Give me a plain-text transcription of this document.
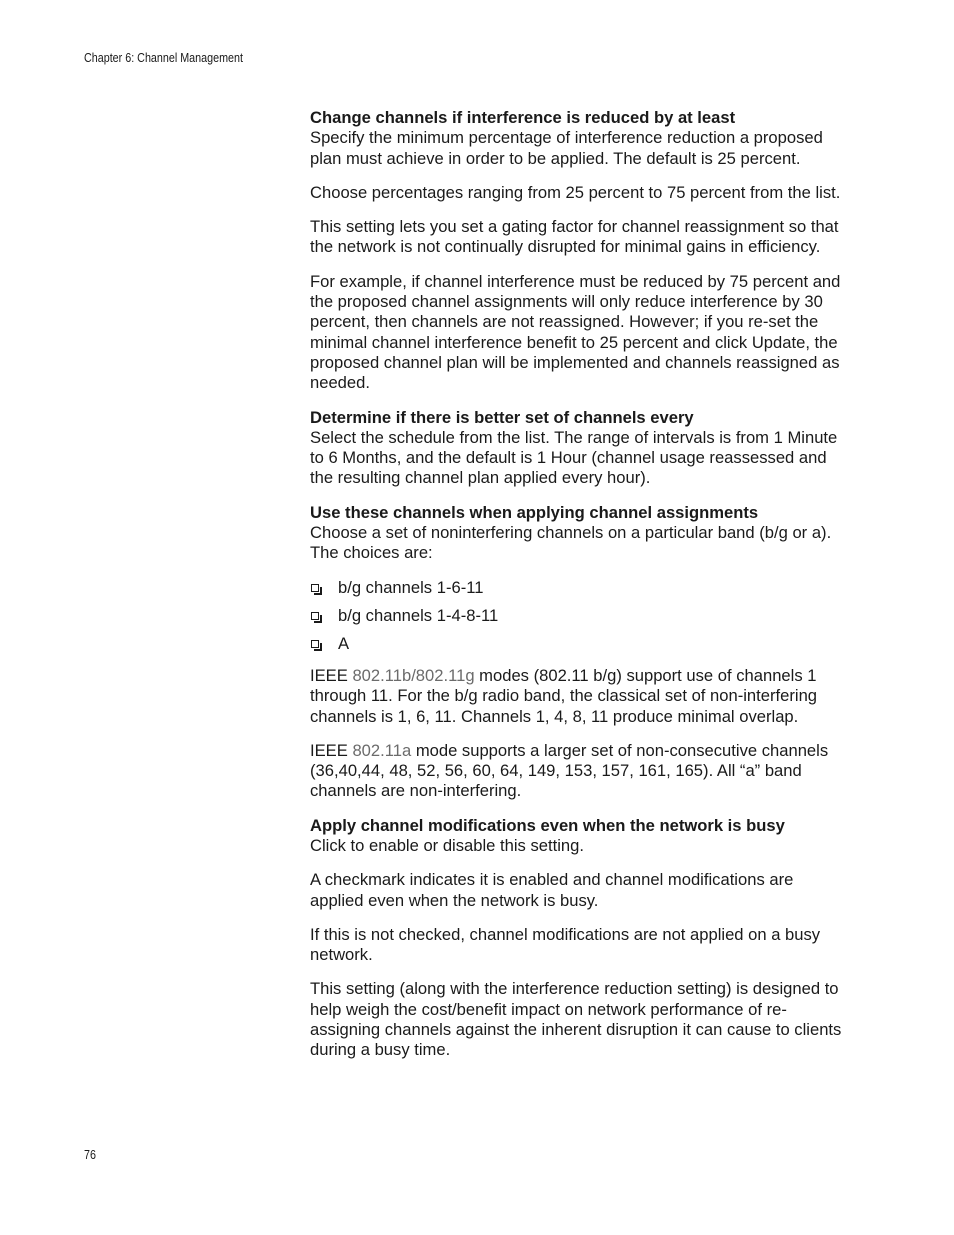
Chapter 6: Channel Management
Change channels if interference is reduced by at least
Specify the minimum percentage of interference reduction a proposed plan must achieve in order to be applied. The default is 25 percent.

Choose percentages ranging from 25 percent to 75 percent from the list.

This setting lets you set a gating factor for channel reassignment so that the network is not continually disrupted for minimal gains in efficiency.

For example, if channel interference must be reduced by 75 percent and the proposed channel assignments will only reduce interference by 30 percent, then channels are not reassigned. However; if you re-set the minimal channel interference benefit to 25 percent and click Update, the proposed channel plan will be implemented and channels reassigned as needed.

Determine if there is better set of channels every
Select the schedule from the list. The range of intervals is from 1 Minute to 6 Months, and the default is 1 Hour (channel usage reassessed and the resulting channel plan applied every hour).
Use these channels when applying channel assignments
Choose a set of noninterfering channels on a particular band (b/g or a). The choices are:
b/g channels 1-6-11
b/g channels 1-4-8-11
A

IEEE 802.11b/802.11g modes (802.11 b/g) support use of channels 1 through 11. For the b/g radio band, the classical set of non-interfering channels is 1, 6, 11. Channels 1, 4, 8, 11 produce minimal overlap.

IEEE 802.11a mode supports a larger set of non-consecutive channels (36,40,44, 48, 52, 56, 60, 64, 149, 153, 157, 161, 165). All “a” band channels are non-interfering.

Apply channel modifications even when the network is busy
Click to enable or disable this setting.

A checkmark indicates it is enabled and channel modifications are applied even when the network is busy.

If this is not checked, channel modifications are not applied on a busy network.

This setting (along with the interference reduction setting) is designed to help weigh the cost/benefit impact on network performance of re-assigning channels against the inherent disruption it can cause to clients during a busy time.

76
